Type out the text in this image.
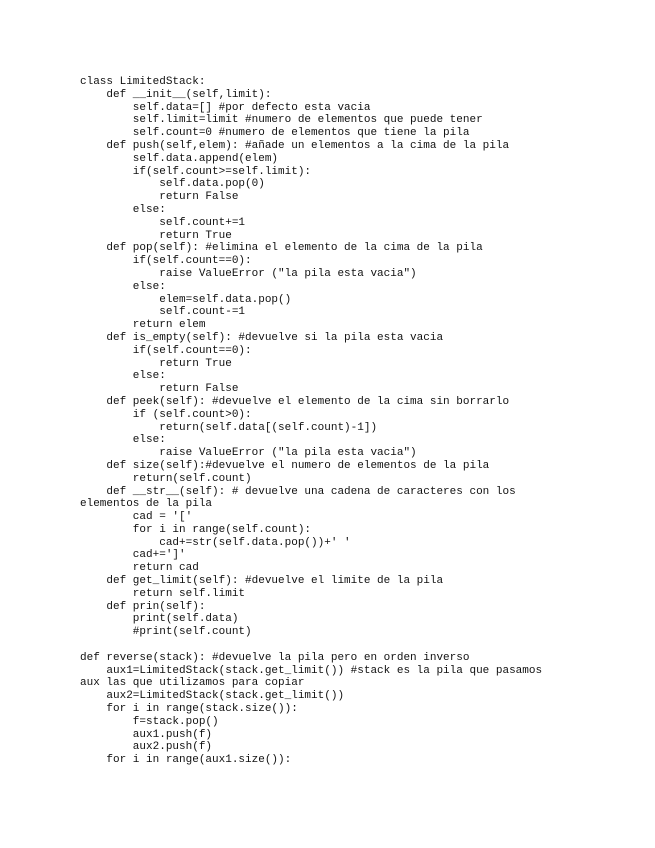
class LimitedStack:
def __init__(self,limit):
self.data=[] #por defecto esta vacia
self.limit=limit #numero de elementos que puede tener
self.count=0 #numero de elementos que tiene la pila
def push(self,elem): #añade un elementos a la cima de la pila
self.data.append(elem)
if(self.count>=self.limit):
self.data.pop(0)
return False
else:
self.count+=1
return True
def pop(self): #elimina el elemento de la cima de la pila
if(self.count==0):
raise ValueError ("la pila esta vacia")
else:
elem=self.data.pop()
self.count-=1
return elem
def is_empty(self): #devuelve si la pila esta vacia
if(self.count==0):
return True
else:
return False
def peek(self): #devuelve el elemento de la cima sin borrarlo
if (self.count>0):
return(self.data[(self.count)-1])
else:
raise ValueError ("la pila esta vacia")
def size(self):#devuelve el numero de elementos de la pila
return(self.count)
def __str__(self): # devuelve una cadena de caracteres con los
elementos de la pila
cad = '['
for i in range(self.count):
cad+=str(self.data.pop())+' '
cad+=']'
return cad
def get_limit(self): #devuelve el limite de la pila
return self.limit
def prin(self):
print(self.data)
#print(self.count)
def reverse(stack): #devuelve la pila pero en orden inverso
aux1=LimitedStack(stack.get_limit()) #stack es la pila que pasamos
aux las que utilizamos para copiar
aux2=LimitedStack(stack.get_limit())
for i in range(stack.size()):
f=stack.pop()
aux1.push(f)
aux2.push(f)
for i in range(aux1.size()):
